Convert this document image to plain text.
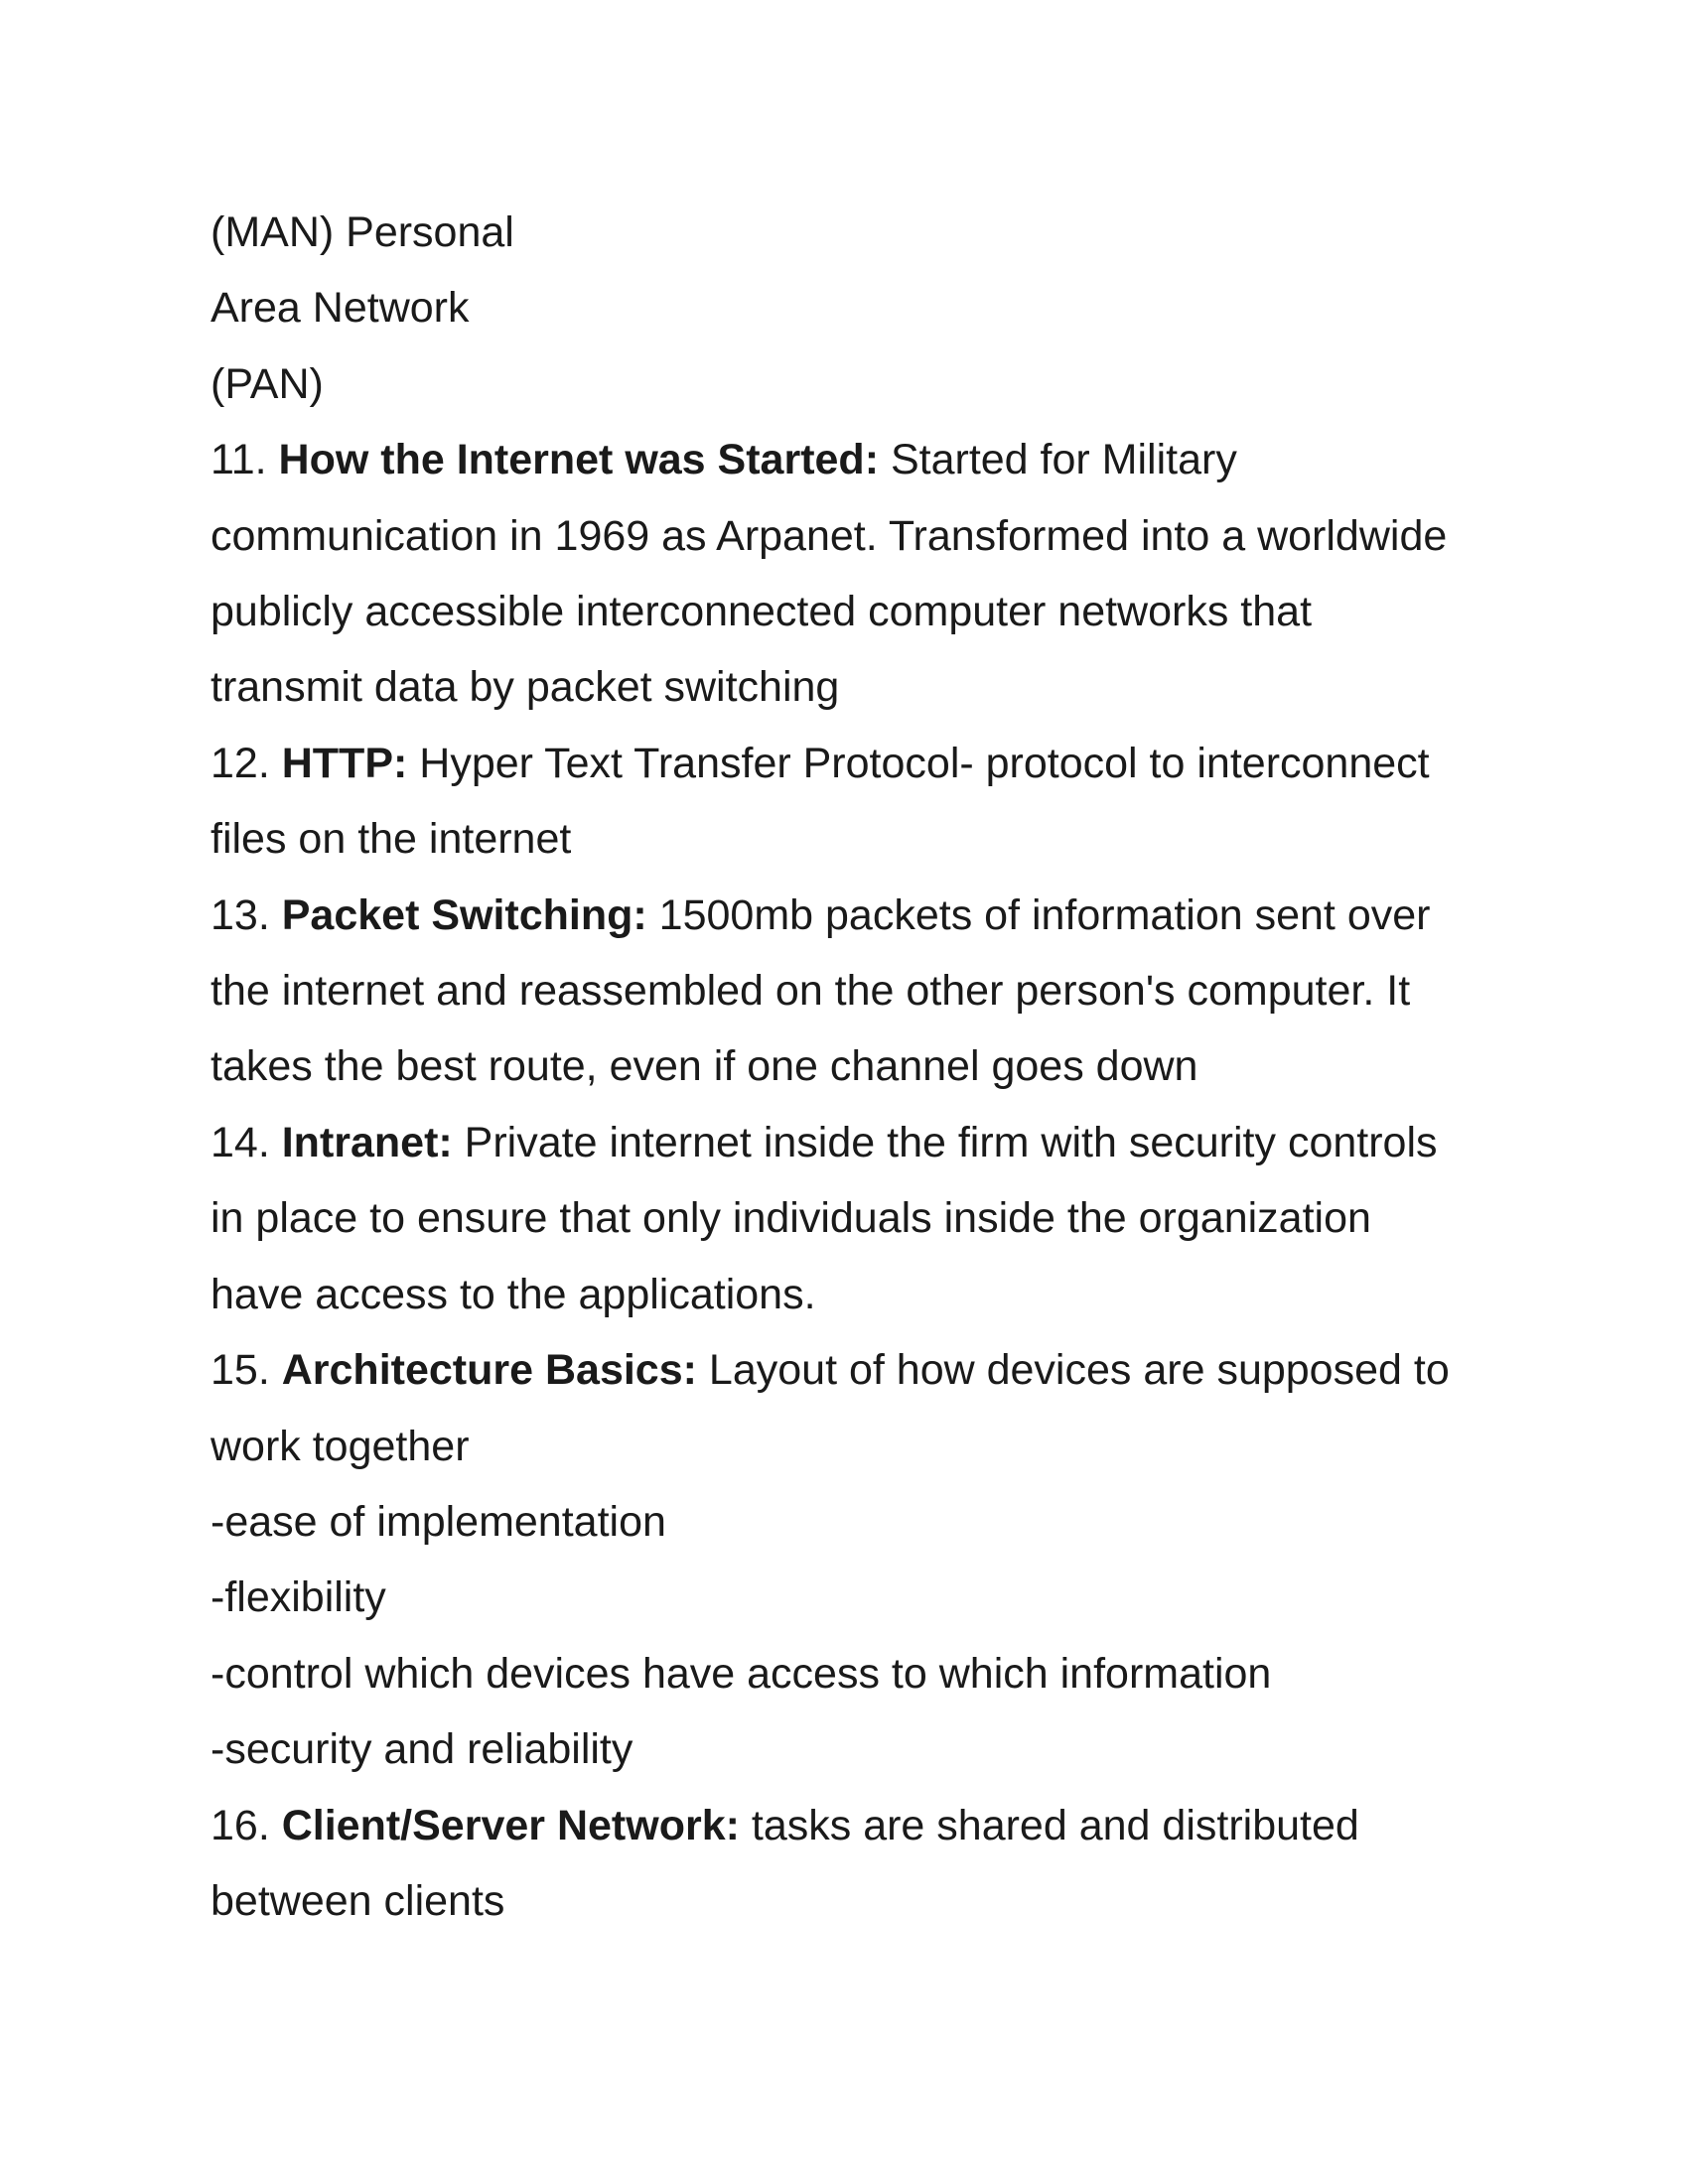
(MAN) Personal

Area Network

(PAN)

11. How the Internet was Started: Started for Military

communication in 1969 as Arpanet. Transformed into a worldwide

publicly accessible interconnected computer networks that

transmit data by packet switching

12. HTTP: Hyper Text Transfer Protocol- protocol to interconnect

files on the internet

13. Packet Switching: 1500mb packets of information sent over

the internet and reassembled on the other person's computer. It

takes the best route, even if one channel goes down

14. Intranet: Private internet inside the firm with security controls

in place to ensure that only individuals inside the organization

have access to the applications.

15. Architecture Basics: Layout of how devices are supposed to

work together

-ease of implementation

-flexibility

-control which devices have access to which information

-security and reliability

16. Client/Server Network: tasks are shared and distributed

between clients
